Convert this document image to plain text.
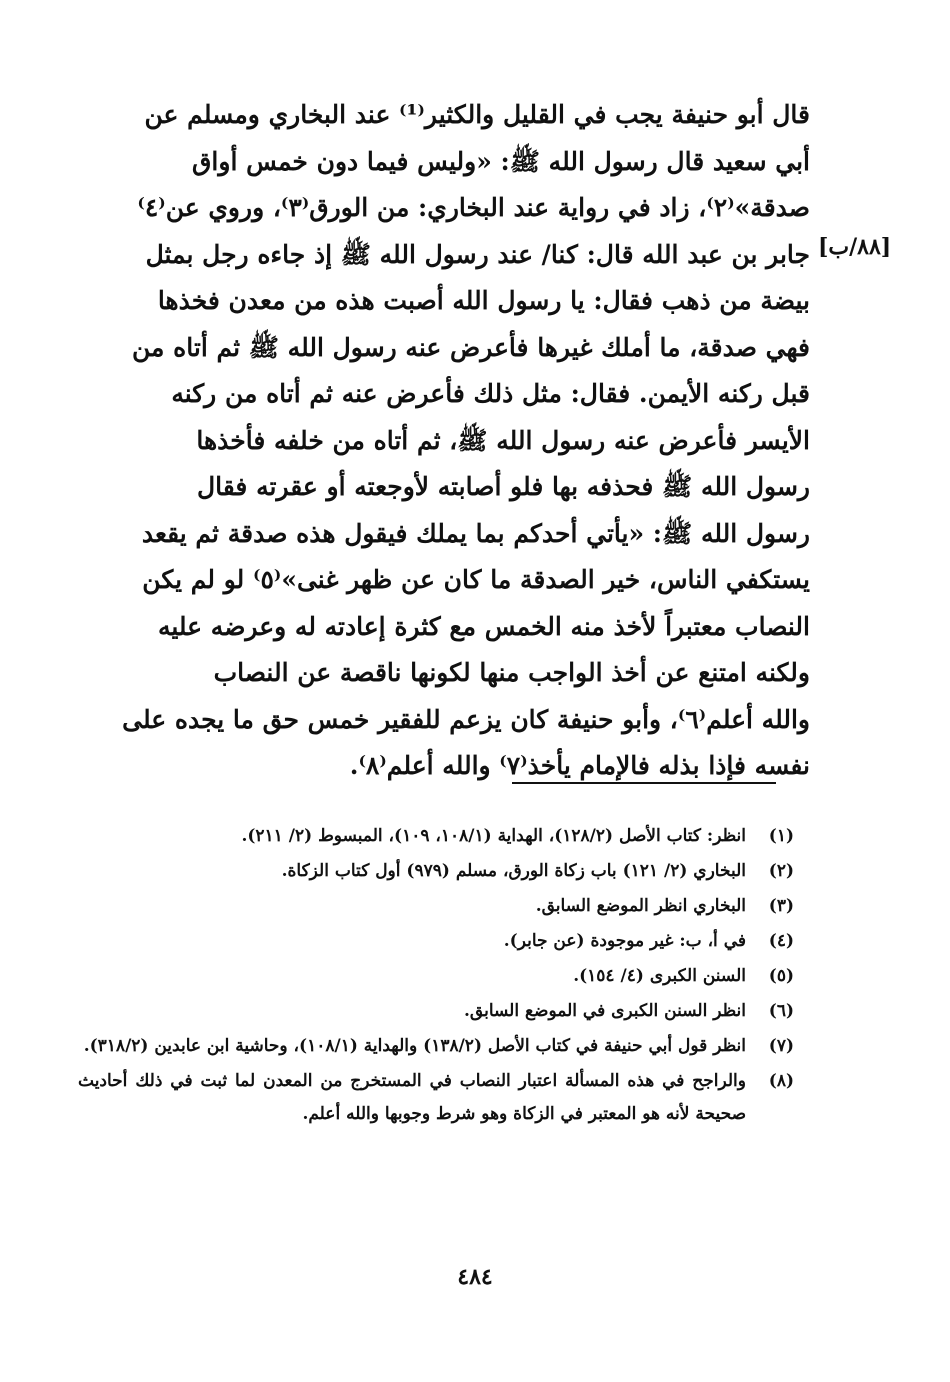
قال أبو حنيفة يجب في القليل والكثير⁽¹⁾ عند البخاري ومسلم عن
أبي سعيد قال رسول الله ﷺ: «وليس فيما دون خمس أواق
صدقة»⁽٢⁾، زاد في رواية عند البخاري: من الورق⁽٣⁾، وروي عن⁽٤⁾
جابر بن عبد الله قال: كنا/ عند رسول الله ﷺ إذ جاءه رجل بمثل
بيضة من ذهب فقال: يا رسول الله أصبت هذه من معدن فخذها
فهي صدقة، ما أملك غيرها فأعرض عنه رسول الله ﷺ ثم أتاه من
قبل ركنه الأيمن. فقال: مثل ذلك فأعرض عنه ثم أتاه من ركنه
الأيسر فأعرض عنه رسول الله ﷺ، ثم أتاه من خلفه فأخذها
رسول الله ﷺ فحذفه بها فلو أصابته لأوجعته أو عقرته فقال
رسول الله ﷺ: «يأتي أحدكم بما يملك فيقول هذه صدقة ثم يقعد
يستكفي الناس، خير الصدقة ما كان عن ظهر غنى»⁽٥⁾ لو لم يكن
النصاب معتبراً لأخذ منه الخمس مع كثرة إعادته له وعرضه عليه
ولكنه امتنع عن أخذ الواجب منها لكونها ناقصة عن النصاب
والله أعلم⁽٦⁾، وأبو حنيفة كان يزعم للفقير خمس حق ما يجده على
نفسه فإذا بذله فالإمام يأخذ⁽٧⁾ والله أعلم⁽٨⁾.
[٨٨/ب]
(١)
انظر: كتاب الأصل (١٢٨/٢)، الهداية (١٠٨/١، ١٠٩)، المبسوط (٢/ ٢١١).
(٢)
البخاري (٢/ ١٢١) باب زكاة الورق، مسلم (٩٧٩) أول كتاب الزكاة.
(٣)
البخاري انظر الموضع السابق.
(٤)
في أ، ب: غير موجودة (عن جابر).
(٥)
السنن الكبرى (٤/ ١٥٤).
(٦)
انظر السنن الكبرى في الموضع السابق.
(٧)
انظر قول أبي حنيفة في كتاب الأصل (١٣٨/٢) والهداية (١٠٨/١)، وحاشية ابن عابدين (٣١٨/٢).
(٨)
والراجح في هذه المسألة اعتبار النصاب في المستخرج من المعدن لما ثبت في ذلك أحاديث صحيحة لأنه هو المعتبر في الزكاة وهو شرط وجوبها والله أعلم.
٤٨٤
